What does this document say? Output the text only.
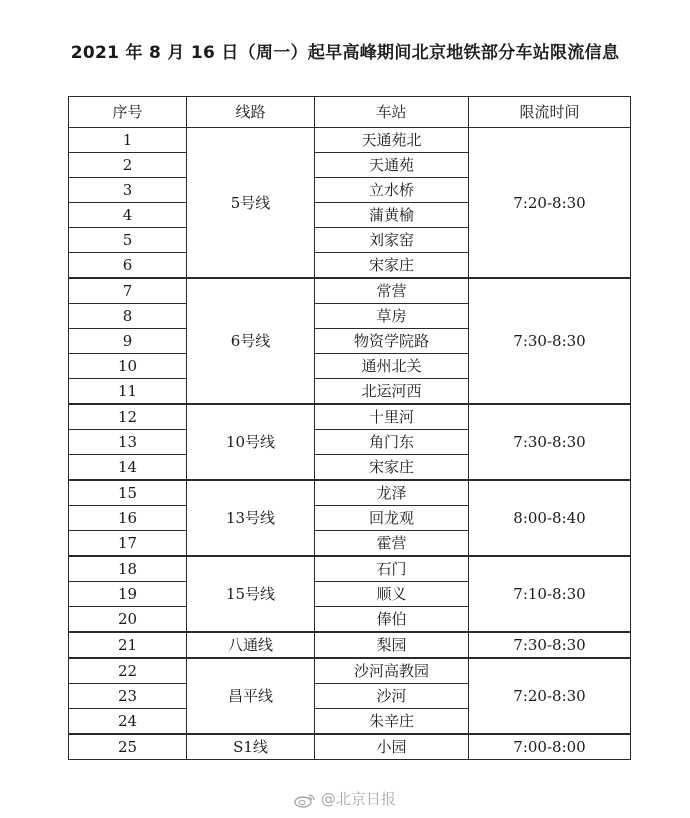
2021 年 8 月 16 日（周一）起早高峰期间北京地铁部分车站限流信息
序号	线路	车站	限流时间
1	5号线	天通苑北	7:20-8:30
2		天通苑	
3		立水桥	
4		蒲黄榆	
5		刘家窑	
6		宋家庄	
7	6号线	常营	7:30-8:30
8		草房	
9		物资学院路	
10		通州北关	
11		北运河西	
12	10号线	十里河	7:30-8:30
13		角门东	
14		宋家庄	
15	13号线	龙泽	8:00-8:40
16		回龙观	
17		霍营	
18	15号线	石门	7:10-8:30
19		顺义	
20		俸伯	
21	八通线	梨园	7:30-8:30
22	昌平线	沙河高教园	7:20-8:30
23		沙河	
24		朱辛庄	
25	S1线	小园	7:00-8:00
@北京日报
